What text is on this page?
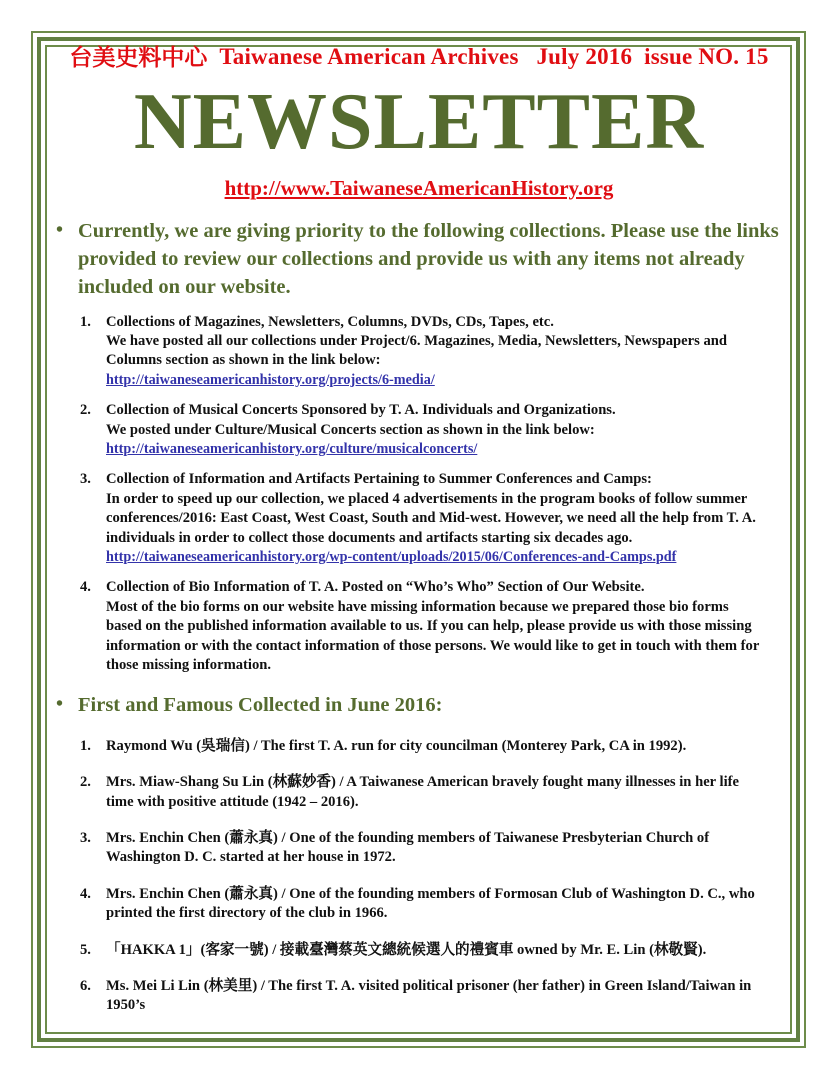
台美史料中心 Taiwanese American Archives July 2016 issue NO. 15
NEWSLETTER
http://www.TaiwaneseAmericanHistory.org
• Currently, we are giving priority to the following collections. Please use the links provided to review our collections and provide us with any items not already included on our website.
1.	Collections of Magazines, Newsletters, Columns, DVDs, CDs, Tapes, etc.
We have posted all our collections under Project/6. Magazines, Media, Newsletters, Newspapers and
Columns section as shown in the link below:
http://taiwaneseamericanhistory.org/projects/6-media/
2.	Collection of Musical Concerts Sponsored by T. A. Individuals and Organizations.
We posted under Culture/Musical Concerts section as shown in the link below:
http://taiwaneseamericanhistory.org/culture/musicalconcerts/
3.	Collection of Information and Artifacts Pertaining to Summer Conferences and Camps:
In order to speed up our collection, we placed 4 advertisements in the program books of follow summer
conferences/2016: East Coast, West Coast, South and Mid-west. However, we need all the help from T. A.
individuals in order to collect those documents and artifacts starting six decades ago.
http://taiwaneseamericanhistory.org/wp-content/uploads/2015/06/Conferences-and-Camps.pdf
4.	Collection of Bio Information of T. A. Posted on “Who’s Who” Section of Our Website.
Most of the bio forms on our website have missing information because we prepared those bio forms
based on the published information available to us. If you can help, please provide us with those missing
information or with the contact information of those persons. We would like to get in touch with them for
those missing information.
• First and Famous Collected in June 2016:
1.	Raymond Wu (吳瑞信) / The first T. A. run for city councilman (Monterey Park, CA in 1992).
2.	Mrs. Miaw-Shang Su Lin (林蘇妙香) / A Taiwanese American bravely fought many illnesses in her life
time with positive attitude (1942 – 2016).
3.	Mrs. Enchin Chen (蕭永真) / One of the founding members of Taiwanese Presbyterian Church of
Washington D. C. started at her house in 1972.
4.	Mrs. Enchin Chen (蕭永真) / One of the founding members of Formosan Club of Washington D. C., who
printed the first directory of the club in 1966.
5.	「HAKKA 1」(客家一號) / 接載臺灣蔡英文總統候選人的禮賓車 owned by Mr. E. Lin (林敬賢).
6.	Ms. Mei Li Lin (林美里) / The first T. A. visited political prisoner (her father) in Green Island/Taiwan in
1950’s
